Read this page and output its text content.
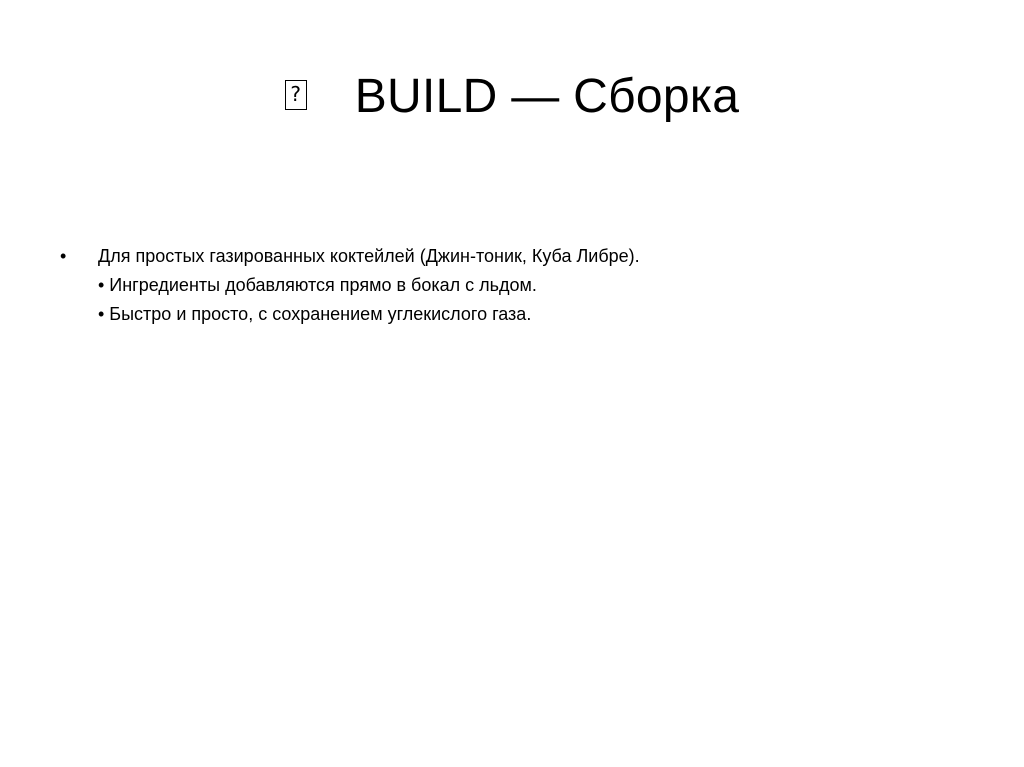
? BUILD — Сборка
•	Для простых газированных коктейлей (Джин-тоник, Куба Либре).
• Ингредиенты добавляются прямо в бокал с льдом.
• Быстро и просто, с сохранением углекислого газа.
